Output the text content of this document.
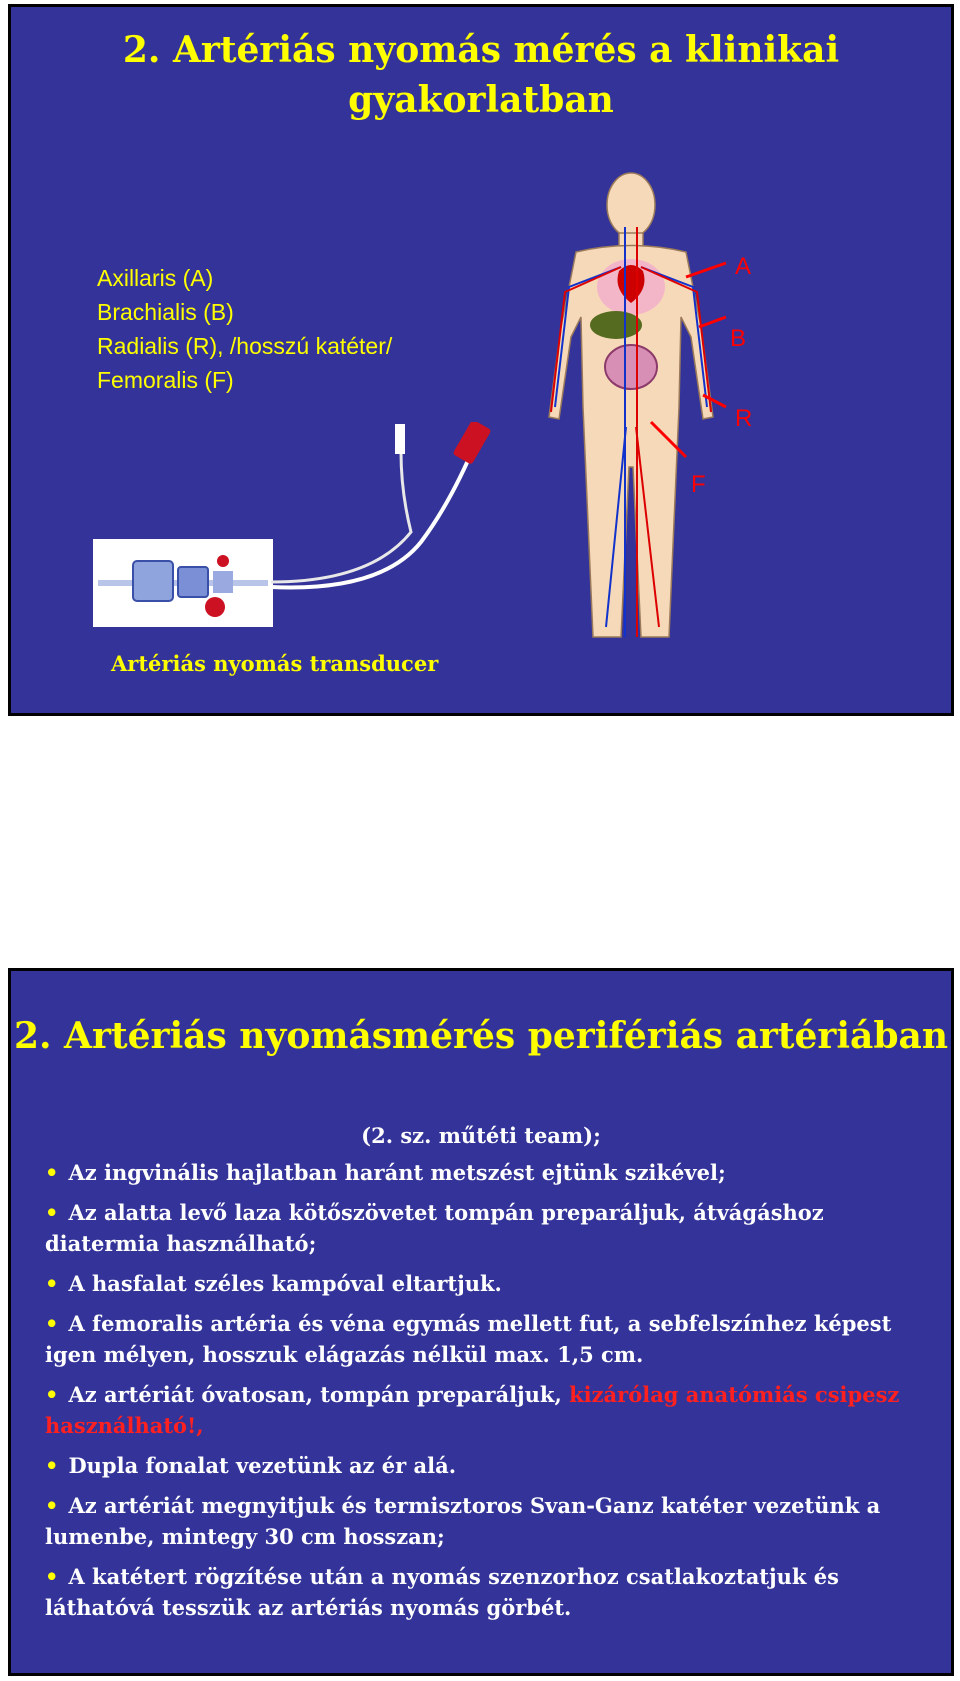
2. Artériás nyomás mérés a klinikai gyakorlatban
Axillaris (A)
Brachialis (B)
Radialis (R), /hosszú katéter/
Femoralis (F)
A
B
R
F
Artériás nyomás transducer
2. Artériás nyomásmérés perifériás artériában
(2. sz. műtéti team);
• Az ingvinális hajlatban haránt metszést ejtünk szikével;
• Az alatta levő laza kötőszövetet tompán preparáljuk, átvágáshoz diatermia használható;
• A hasfalat széles kampóval eltartjuk.
• A femoralis artéria és véna egymás mellett fut, a sebfelszínhez képest igen mélyen, hosszuk elágazás nélkül max. 1,5 cm.
• Az artériát óvatosan, tompán preparáljuk, kizárólag anatómiás csipesz használható!,
• Dupla fonalat vezetünk az ér alá.
• Az artériát megnyitjuk és termisztoros Svan-Ganz katéter vezetünk a lumenbe, mintegy 30 cm hosszan;
• A katétert rögzítése után a nyomás szenzorhoz csatlakoztatjuk és láthatóvá tesszük az artériás nyomás görbét.
